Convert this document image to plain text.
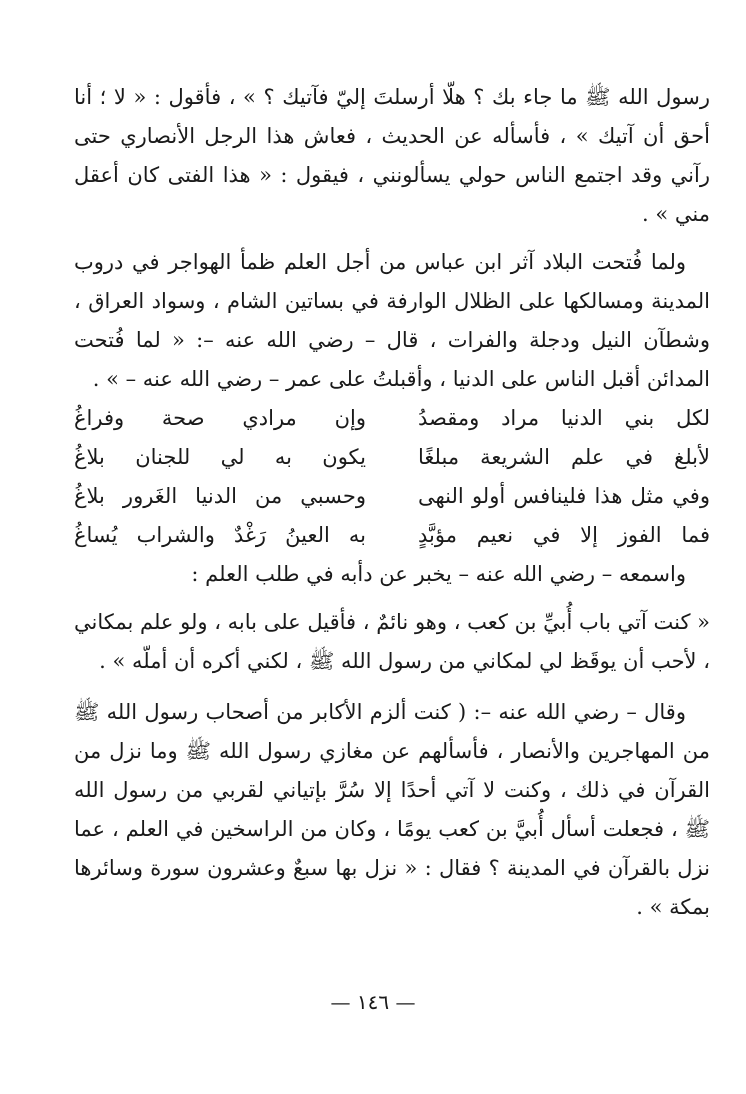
رسول الله ﷺ ما جاء بك ؟ هلّا أرسلتَ إليّ فآتيك ؟ » ، فأقول : « لا ؛ أنا أحق أن آتيك » ، فأسأله عن الحديث ، فعاش هذا الرجل الأنصاري حتى رآني وقد اجتمع الناس حولي يسألونني ، فيقول : « هذا الفتى كان أعقل مني » .

ولما فُتحت البلاد آثر ابن عباس من أجل العلم ظمأ الهواجر في دروب المدينة ومسالكها على الظلال الوارفة في بساتين الشام ، وسواد العراق ، وشطآن النيل ودجلة والفرات ، قال – رضي الله عنه –: « لما فُتحت المدائن أقبل الناس على الدنيا ، وأقبلتُ على عمر – رضي الله عنه – » .

لكل بني الدنيا مراد ومقصدُ
وإن مرادي صحة وفراغُ
لأبلغ في علم الشريعة مبلغًا
يكون به لي للجنان بلاغُ
وفي مثل هذا فلينافس أولو النهى
وحسبي من الدنيا الغَرور بلاغُ
فما الفوز إلا في نعيم مؤبَّدٍ
به العينُ رَغْدٌ والشراب يُساغُ

واسمعه – رضي الله عنه – يخبر عن دأبه في طلب العلم :

« كنت آتي باب أُبيِّ بن كعب ، وهو نائمٌ ، فأقيل على بابه ، ولو علم بمكاني ، لأحب أن يوقَظ لي لمكاني من رسول الله ﷺ ، لكني أكره أن أملّه » .

وقال – رضي الله عنه –: ( كنت ألزم الأكابر من أصحاب رسول الله ﷺ من المهاجرين والأنصار ، فأسألهم عن مغازي رسول الله ﷺ وما نزل من القرآن في ذلك ، وكنت لا آتي أحدًا إلا سُرَّ بإتياني لقربي من رسول الله ﷺ ، فجعلت أسأل أُبيَّ بن كعب يومًا ، وكان من الراسخين في العلم ، عما نزل بالقرآن في المدينة ؟ فقال : « نزل بها سبعٌ وعشرون سورة وسائرها بمكة » .

— ١٤٦ —
